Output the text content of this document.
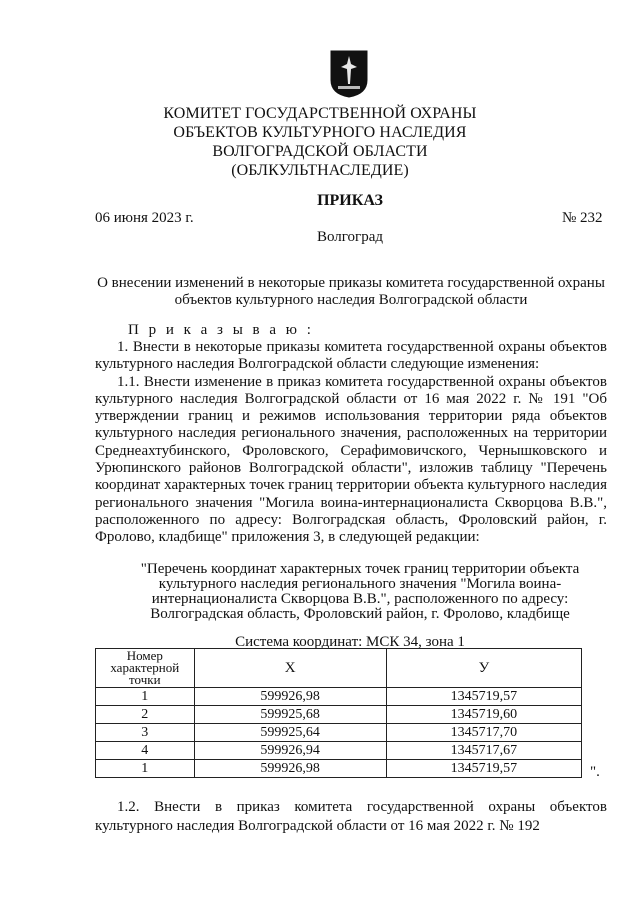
КОМИТЕТ ГОСУДАРСТВЕННОЙ ОХРАНЫ
ОБЪЕКТОВ КУЛЬТУРНОГО НАСЛЕДИЯ
ВОЛГОГРАДСКОЙ ОБЛАСТИ
(ОБЛКУЛЬТНАСЛЕДИЕ)
ПРИКАЗ
06 июня 2023 г.	№ 232
Волгоград
О внесении изменений в некоторые приказы комитета государственной охраны объектов культурного наследия Волгоградской области
П р и к а з ы в а ю :

1. Внести в некоторые приказы комитета государственной охраны объектов культурного наследия Волгоградской области следующие изменения:

1.1. Внести изменение в приказ комитета государственной охраны объектов культурного наследия Волгоградской области от 16 мая 2022 г. № 191 "Об утверждении границ и режимов использования территории ряда объектов культурного наследия регионального значения, расположенных на территории Среднеахтубинского, Фроловского, Серафимовичского, Чернышковского и Урюпинского районов Волгоградской области", изложив таблицу "Перечень координат характерных точек границ территории объекта культурного наследия регионального значения "Могила воина-интернационалиста Скворцова В.В.", расположенного по адресу: Волгоградская область, Фроловский район, г. Фролово, кладбище" приложения 3, в следующей редакции:

"Перечень координат характерных точек границ территории объекта
культурного наследия регионального значения "Могила воина-
интернационалиста Скворцова В.В.", расположенного по адресу:
Волгоградская область, Фроловский район, г. Фролово, кладбище
Система координат: МСК 34, зона 1
Номер
характерной
точки	X	У
1	599926,98	1345719,57
2	599925,68	1345719,60
3	599925,64	1345717,70
4	599926,94	1345717,67
1	599926,98	1345719,57	".

1.2. Внести в приказ комитета государственной охраны объектов культурного наследия Волгоградской области от 16 мая 2022 г. № 192
